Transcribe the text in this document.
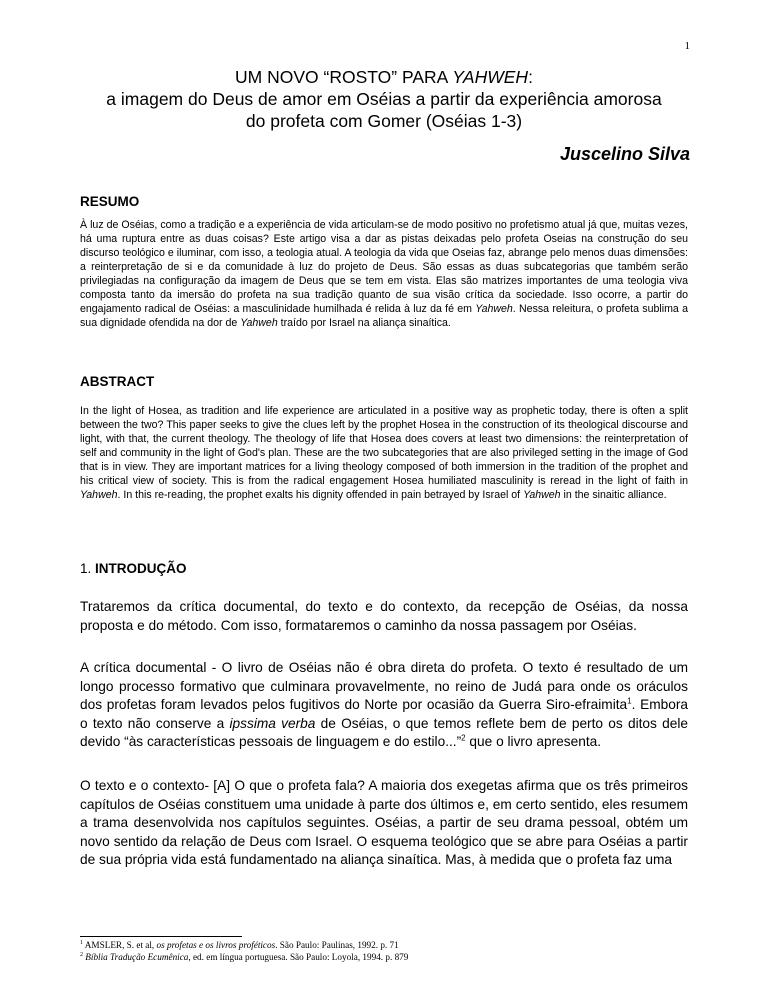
1
UM NOVO “ROSTO” PARA YAHWEH:
a imagem do Deus de amor em Oséias a partir da experiência amorosa
do profeta com Gomer (Oséias 1-3)
Juscelino Silva
RESUMO
À luz de Oséias, como a tradição e a experiência de vida articulam-se de modo positivo no profetismo atual já que, muitas vezes, há uma ruptura entre as duas coisas? Este artigo visa a dar as pistas deixadas pelo profeta Oseias na construção do seu discurso teológico e iluminar, com isso, a teologia atual. A teologia da vida que Oseias faz, abrange pelo menos duas dimensões: a reinterpretação de si e da comunidade à luz do projeto de Deus. São essas as duas subcategorias que também serão privilegiadas na configuração da imagem de Deus que se tem em vista. Elas são matrizes importantes de uma teologia viva composta tanto da imersão do profeta na sua tradição quanto de sua visão crítica da sociedade. Isso ocorre, a partir do engajamento radical de Oséias: a masculinidade humilhada é relida à luz da fé em Yahweh. Nessa releitura, o profeta sublima a sua dignidade ofendida na dor de Yahweh traído por Israel na aliança sinaítica.
ABSTRACT
In the light of Hosea, as tradition and life experience are articulated in a positive way as prophetic today, there is often a split between the two? This paper seeks to give the clues left by the prophet Hosea in the construction of its theological discourse and light, with that, the current theology. The theology of life that Hosea does covers at least two dimensions: the reinterpretation of self and community in the light of God's plan. These are the two subcategories that are also privileged setting in the image of God that is in view. They are important matrices for a living theology composed of both immersion in the tradition of the prophet and his critical view of society. This is from the radical engagement Hosea humiliated masculinity is reread in the light of faith in Yahweh. In this re-reading, the prophet exalts his dignity offended in pain betrayed by Israel of Yahweh in the sinaitic alliance.
1. INTRODUÇÃO
Trataremos da crítica documental, do texto e do contexto, da recepção de Oséias, da nossa proposta e do método. Com isso, formataremos o caminho da nossa passagem por Oséias.
A crítica documental - O livro de Oséias não é obra direta do profeta. O texto é resultado de um longo processo formativo que culminara provavelmente, no reino de Judá para onde os oráculos dos profetas foram levados pelos fugitivos do Norte por ocasião da Guerra Siro-efraimita$^1$. Embora o texto não conserve a ipssima verba de Oséias, o que temos reflete bem de perto os ditos dele devido “às características pessoais de linguagem e do estilo...”$^2$ que o livro apresenta.
O texto e o contexto- [A] O que o profeta fala? A maioria dos exegetas afirma que os três primeiros capítulos de Oséias constituem uma unidade à parte dos últimos e, em certo sentido, eles resumem a trama desenvolvida nos capítulos seguintes. Oséias, a partir de seu drama pessoal, obtém um novo sentido da relação de Deus com Israel. O esquema teológico que se abre para Oséias a partir de sua própria vida está fundamentado na aliança sinaítica. Mas, à medida que o profeta faz uma
$^1$ AMSLER, S. et al, os profetas e os livros proféticos. São Paulo: Paulinas, 1992. p. 71
$^2$ Bíblia Tradução Ecumênica, ed. em língua portuguesa. São Paulo: Loyola, 1994. p. 879
